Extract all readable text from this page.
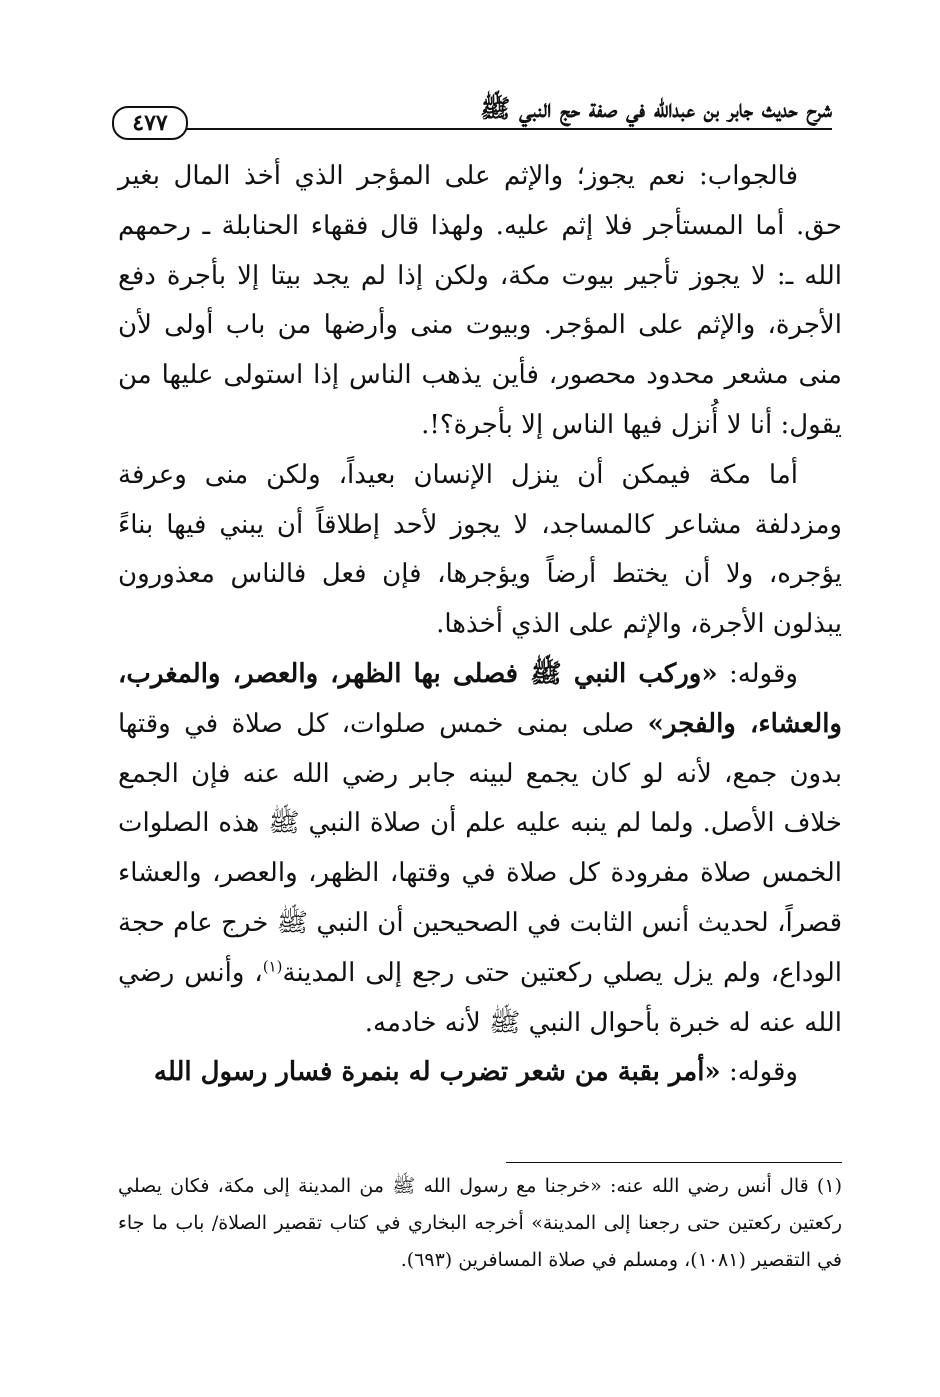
شرح حديث جابر بن عبدالله في صفة حج النبي ﷺ
٤٧٧

فالجواب: نعم يجوز؛ والإثم على المؤجر الذي أخذ المال بغير حق. أما المستأجر فلا إثم عليه. ولهذا قال فقهاء الحنابلة ـ رحمهم الله ـ: لا يجوز تأجير بيوت مكة، ولكن إذا لم يجد بيتا إلا بأجرة دفع الأجرة، والإثم على المؤجر. وبيوت منى وأرضها من باب أولى لأن منى مشعر محدود محصور، فأين يذهب الناس إذا استولى عليها من يقول: أنا لا أُنزل فيها الناس إلا بأجرة؟!.

أما مكة فيمكن أن ينزل الإنسان بعيداً، ولكن منى وعرفة ومزدلفة مشاعر كالمساجد، لا يجوز لأحد إطلاقاً أن يبني فيها بناءً يؤجره، ولا أن يختط أرضاً ويؤجرها، فإن فعل فالناس معذورون يبذلون الأجرة، والإثم على الذي أخذها.

وقوله: «وركب النبي ﷺ فصلى بها الظهر، والعصر، والمغرب، والعشاء، والفجر» صلى بمنى خمس صلوات، كل صلاة في وقتها بدون جمع، لأنه لو كان يجمع لبينه جابر رضي الله عنه فإن الجمع خلاف الأصل. ولما لم ينبه عليه علم أن صلاة النبي ﷺ هذه الصلوات الخمس صلاة مفرودة كل صلاة في وقتها، الظهر، والعصر، والعشاء قصراً، لحديث أنس الثابت في الصحيحين أن النبي ﷺ خرج عام حجة الوداع، ولم يزل يصلي ركعتين حتى رجع إلى المدينة$^{(١)}$، وأنس رضي الله عنه له خبرة بأحوال النبي ﷺ لأنه خادمه.

وقوله: «أمر بقبة من شعر تضرب له بنمرة فسار رسول الله

(١) قال أنس رضي الله عنه: «خرجنا مع رسول الله ﷺ من المدينة إلى مكة، فكان يصلي ركعتين ركعتين حتى رجعنا إلى المدينة» أخرجه البخاري في كتاب تقصير الصلاة/ باب ما جاء في التقصير (١٠٨١)، ومسلم في صلاة المسافرين (٦٩٣).
